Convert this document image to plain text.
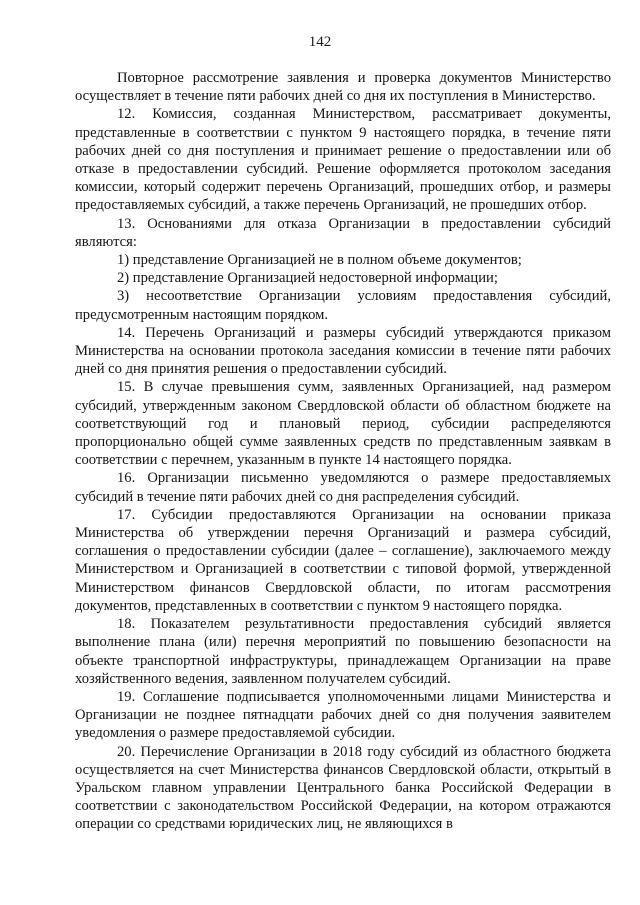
142

Повторное рассмотрение заявления и проверка документов Министерство осуществляет в течение пяти рабочих дней со дня их поступления в Министерство.

12. Комиссия, созданная Министерством, рассматривает документы, представленные в соответствии с пунктом 9 настоящего порядка, в течение пяти рабочих дней со дня поступления и принимает решение о предоставлении или об отказе в предоставлении субсидий. Решение оформляется протоколом заседания комиссии, который содержит перечень Организаций, прошедших отбор, и размеры предоставляемых субсидий, а также перечень Организаций, не прошедших отбор.

13. Основаниями для отказа Организации в предоставлении субсидий являются:

1) представление Организацией не в полном объеме документов;

2) представление Организацией недостоверной информации;

3) несоответствие Организации условиям предоставления субсидий, предусмотренным настоящим порядком.

14. Перечень Организаций и размеры субсидий утверждаются приказом Министерства на основании протокола заседания комиссии в течение пяти рабочих дней со дня принятия решения о предоставлении субсидий.

15. В случае превышения сумм, заявленных Организацией, над размером субсидий, утвержденным законом Свердловской области об областном бюджете на соответствующий год и плановый период, субсидии распределяются пропорционально общей сумме заявленных средств по представленным заявкам в соответствии с перечнем, указанным в пункте 14 настоящего порядка.

16. Организации письменно уведомляются о размере предоставляемых субсидий в течение пяти рабочих дней со дня распределения субсидий.

17. Субсидии предоставляются Организации на основании приказа Министерства об утверждении перечня Организаций и размера субсидий, соглашения о предоставлении субсидии (далее – соглашение), заключаемого между Министерством и Организацией в соответствии с типовой формой, утвержденной Министерством финансов Свердловской области, по итогам рассмотрения документов, представленных в соответствии с пунктом 9 настоящего порядка.

18. Показателем результативности предоставления субсидий является выполнение плана (или) перечня мероприятий по повышению безопасности на объекте транспортной инфраструктуры, принадлежащем Организации на праве хозяйственного ведения, заявленном получателем субсидий.

19. Соглашение подписывается уполномоченными лицами Министерства и Организации не позднее пятнадцати рабочих дней со дня получения заявителем уведомления о размере предоставляемой субсидии.

20. Перечисление Организации в 2018 году субсидий из областного бюджета осуществляется на счет Министерства финансов Свердловской области, открытый в Уральском главном управлении Центрального банка Российской Федерации в соответствии с законодательством Российской Федерации, на котором отражаются операции со средствами юридических лиц, не являющихся в
